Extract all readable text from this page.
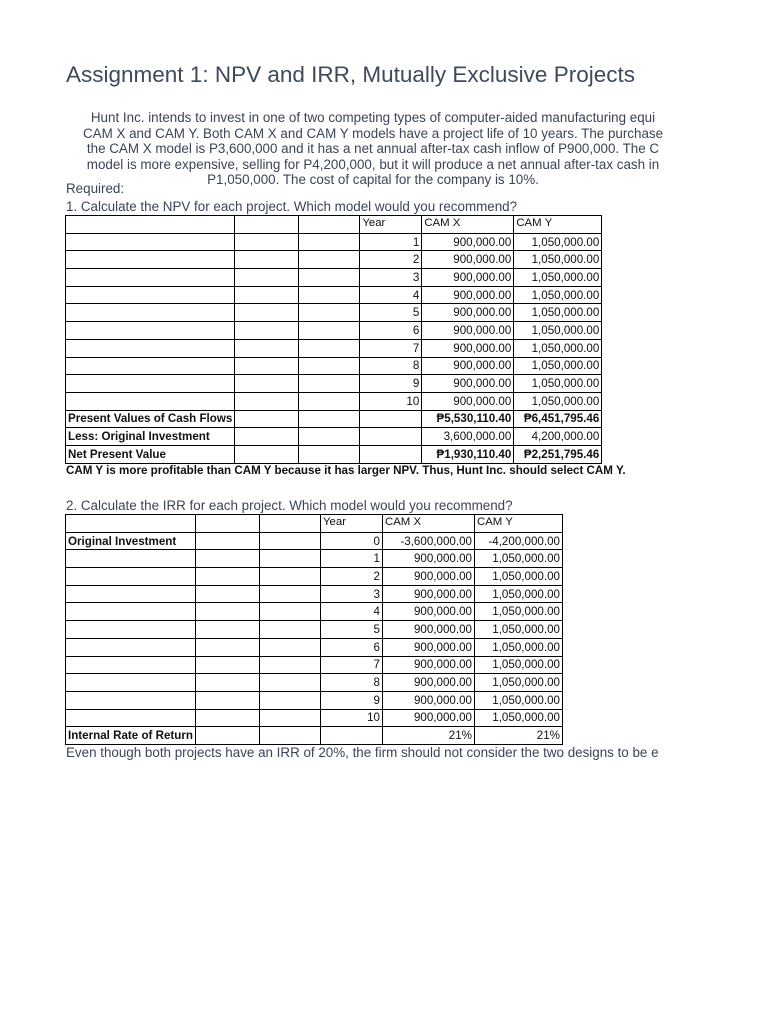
Assignment 1: NPV and IRR, Mutually Exclusive Projects
Hunt Inc. intends to invest in one of two competing types of computer-aided manufacturing equi
CAM X and CAM Y. Both CAM X and CAM Y models have a project life of 10 years. The purchase
the CAM X model is P3,600,000 and it has a net annual after-tax cash inflow of P900,000. The C
model is more expensive, selling for P4,200,000, but it will produce a net annual after-tax cash in
P1,050,000. The cost of capital for the company is 10%.
Required:
1. Calculate the NPV for each project. Which model would you recommend?
			Year	CAM X	CAM Y
			1	900,000.00	1,050,000.00
			2	900,000.00	1,050,000.00
			3	900,000.00	1,050,000.00
			4	900,000.00	1,050,000.00
			5	900,000.00	1,050,000.00
			6	900,000.00	1,050,000.00
			7	900,000.00	1,050,000.00
			8	900,000.00	1,050,000.00
			9	900,000.00	1,050,000.00
			10	900,000.00	1,050,000.00
Present Values of Cash Flows				₱5,530,110.40	₱6,451,795.46
Less: Original Investment				3,600,000.00	4,200,000.00
Net Present Value				₱1,930,110.40	₱2,251,795.46
CAM Y is more profitable than CAM Y because it has larger NPV. Thus, Hunt Inc. should select CAM Y.
2. Calculate the IRR for each project. Which model would you recommend?
			Year	CAM X	CAM Y
Original Investment			0	-3,600,000.00	-4,200,000.00
			1	900,000.00	1,050,000.00
			2	900,000.00	1,050,000.00
			3	900,000.00	1,050,000.00
			4	900,000.00	1,050,000.00
			5	900,000.00	1,050,000.00
			6	900,000.00	1,050,000.00
			7	900,000.00	1,050,000.00
			8	900,000.00	1,050,000.00
			9	900,000.00	1,050,000.00
			10	900,000.00	1,050,000.00
Internal Rate of Return				21%	21%
Even though both projects have an IRR of 20%, the firm should not consider the two designs to be e
